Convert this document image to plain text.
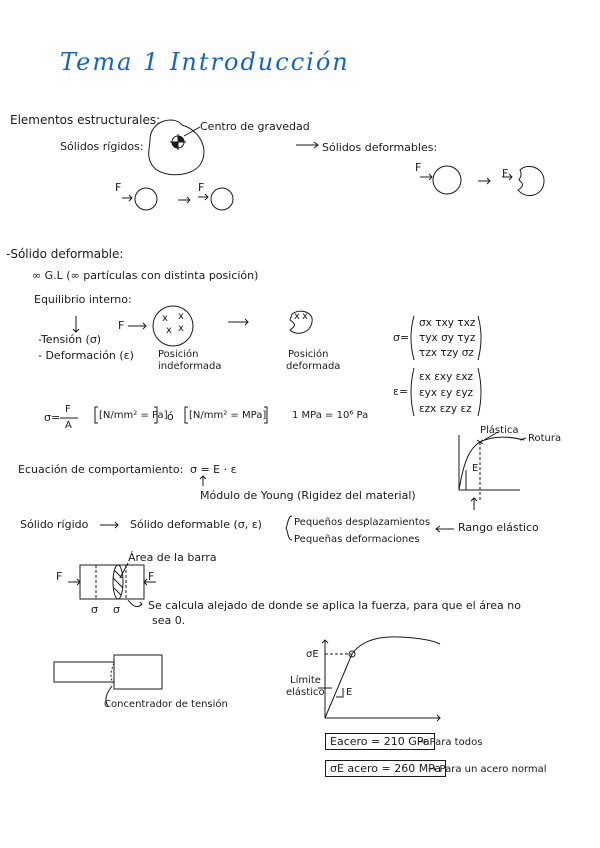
Tema 1 Introducción
Elementos estructurales:
Sólidos rígidos:
Centro de gravedad
Sólidos deformables:
F	F
F	F
-Sólido deformable:
∞ G.L (∞ partículas con distinta posición)
Equilibrio interno:
-Tensión (σ)
- Deformación (ε)
F
x x
x x
x x
Posición
indeformada
Posición
deformada
σ=
σx τxy τxz
τyx σy τyz
τzx τzy σz
ε=
εx εxy εxz
εyx εy εyz
εzx εzy εz
σ=
F
A
[N/mm² = Pa] ó [N/mm² = MPa]	1 MPa = 10⁶ Pa
Ecuación de comportamiento: σ = E · ε
Módulo de Young (Rigidez del material)
Plástica
Rotura
E
Sólido rígido	Sólido deformable (σ, ε)	Pequeños desplazamientos
Pequeñas deformaciones
Rango elástico
Área de la barra
F	F
σ σ	Se calcula alejado de donde se aplica la fuerza, para que el área no
sea 0.
Concentrador de tensión
σE
Límite
elástico E
Eacero = 210 GPa
→ Para todos
σE acero = 260 MPa
→ Para un acero normal
